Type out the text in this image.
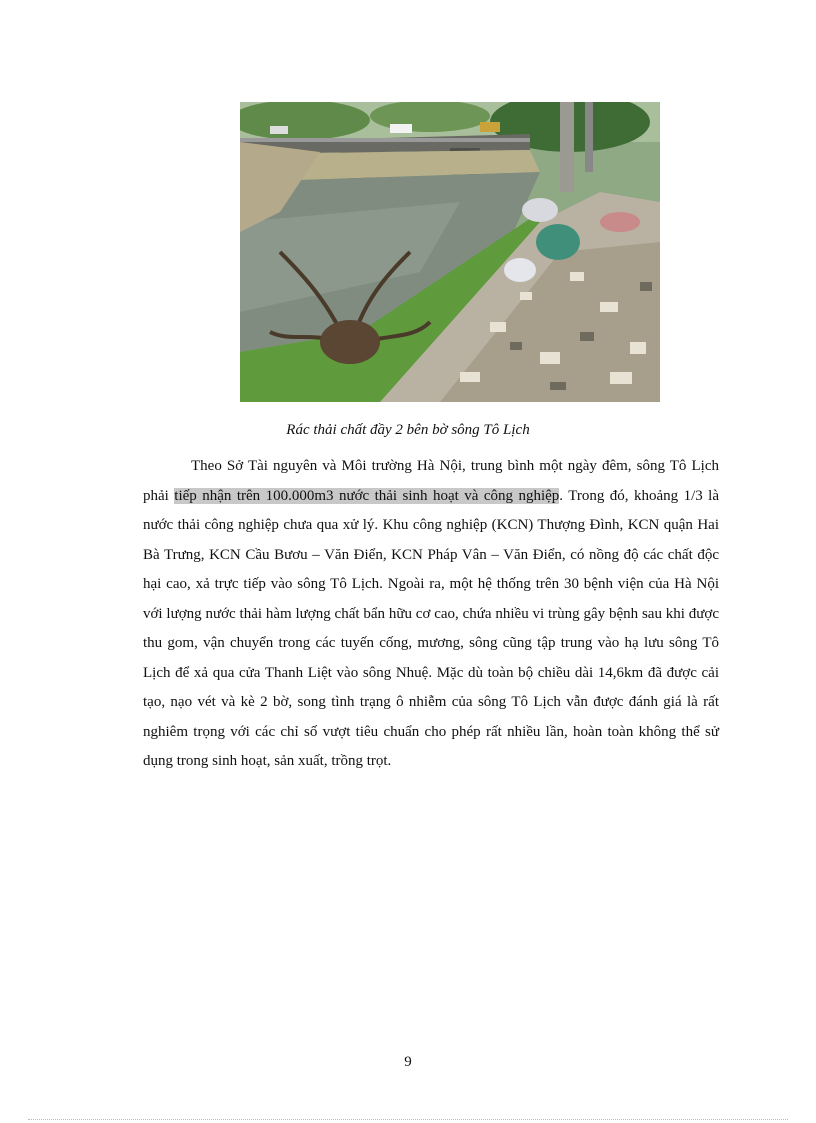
Rác thải chất đầy 2 bên bờ sông Tô Lịch

Theo Sở Tài nguyên và Môi trường Hà Nội, trung bình một ngày đêm, sông Tô Lịch phải tiếp nhận trên 100.000m3 nước thải sinh hoạt và công nghiệp. Trong đó, khoảng 1/3 là nước thải công nghiệp chưa qua xử lý. Khu công nghiệp (KCN) Thượng Đình, KCN quận Hai Bà Trưng, KCN Cầu Bươu – Văn Điển, KCN Pháp Vân – Văn Điển, có nồng độ các chất độc hại cao, xả trực tiếp vào sông Tô Lịch. Ngoài ra, một hệ thống trên 30 bệnh viện của Hà Nội với lượng nước thải hàm lượng chất bẩn hữu cơ cao, chứa nhiều vi trùng gây bệnh sau khi được thu gom, vận chuyển trong các tuyến cống, mương, sông cũng tập trung vào hạ lưu sông Tô Lịch để xả qua cửa Thanh Liệt vào sông Nhuệ. Mặc dù toàn bộ chiều dài 14,6km đã được cải tạo, nạo vét và kè 2 bờ, song tình trạng ô nhiễm của sông Tô Lịch vẫn được đánh giá là rất nghiêm trọng với các chỉ số vượt tiêu chuẩn cho phép rất nhiều lần, hoàn toàn không thể sử dụng trong sinh hoạt, sản xuất, trồng trọt.

9
